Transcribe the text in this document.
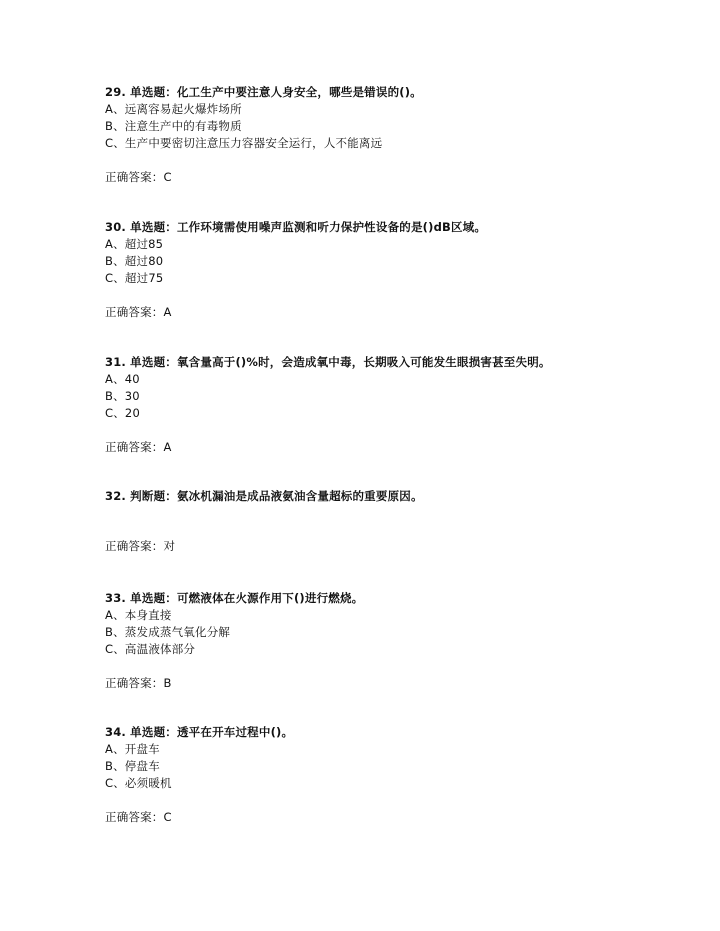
29. 单选题：化工生产中要注意人身安全，哪些是错误的()。
A、远离容易起火爆炸场所
B、注意生产中的有毒物质
C、生产中要密切注意压力容器安全运行，人不能离远
正确答案：C
30. 单选题：工作环境需使用噪声监测和听力保护性设备的是()dB区域。
A、超过85
B、超过80
C、超过75
正确答案：A
31. 单选题：氧含量高于()%时，会造成氧中毒，长期吸入可能发生眼损害甚至失明。
A、40
B、30
C、20
正确答案：A
32. 判断题：氨冰机漏油是成品液氨油含量超标的重要原因。
正确答案：对
33. 单选题：可燃液体在火源作用下()进行燃烧。
A、本身直接
B、蒸发成蒸气氧化分解
C、高温液体部分
正确答案：B
34. 单选题：透平在开车过程中()。
A、开盘车
B、停盘车
C、必须暖机
正确答案：C
